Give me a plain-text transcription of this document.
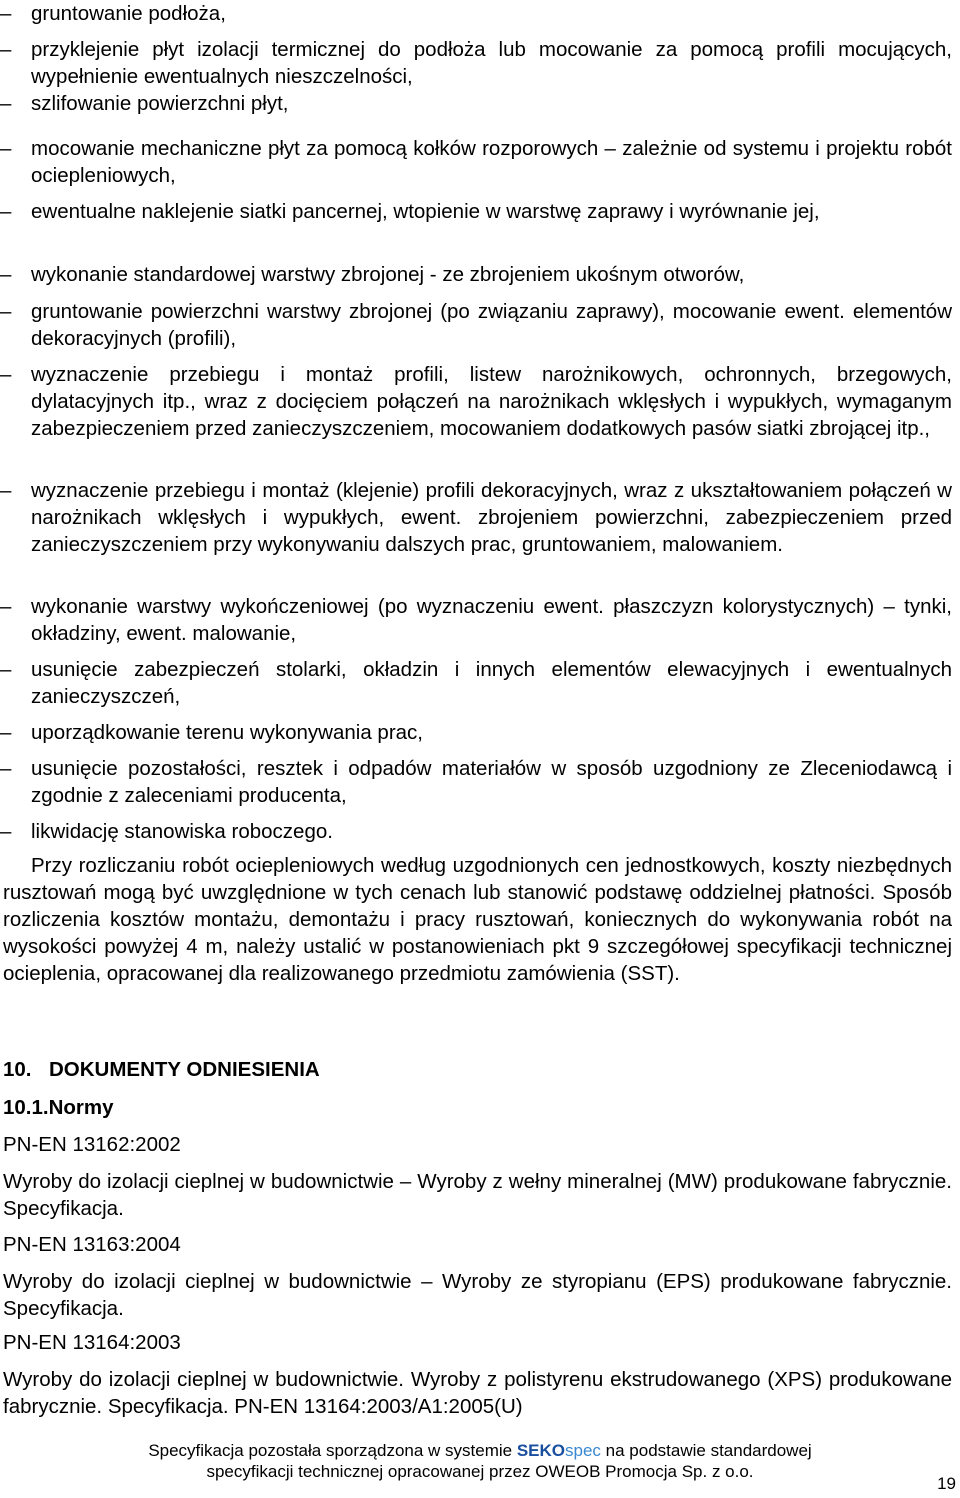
– gruntowanie podłoża,
– przyklejenie płyt izolacji termicznej do podłoża lub mocowanie za pomocą profili mocujących, wypełnienie ewentualnych nieszczelności,
– szlifowanie powierzchni płyt,
– mocowanie mechaniczne płyt za pomocą kołków rozporowych – zależnie od systemu i projektu robót ociepleniowych,
– ewentualne naklejenie siatki pancernej, wtopienie w warstwę zaprawy i wyrównanie jej,
– wykonanie standardowej warstwy zbrojonej - ze zbrojeniem ukośnym otworów,
– gruntowanie powierzchni warstwy zbrojonej (po związaniu zaprawy), mocowanie ewent. elementów dekoracyjnych (profili),
– wyznaczenie przebiegu i montaż profili, listew narożnikowych, ochronnych, brzegowych, dylatacyjnych itp., wraz z docięciem połączeń na narożnikach wklęsłych i wypukłych, wymaganym zabezpieczeniem przed zanieczyszczeniem, mocowaniem dodatkowych pasów siatki zbrojącej itp.,
– wyznaczenie przebiegu i montaż (klejenie) profili dekoracyjnych, wraz z ukształtowaniem połączeń w narożnikach wklęsłych i wypukłych, ewent. zbrojeniem powierzchni, zabezpieczeniem przed zanieczyszczeniem przy wykonywaniu dalszych prac, gruntowaniem, malowaniem.
– wykonanie warstwy wykończeniowej (po wyznaczeniu ewent. płaszczyzn kolorystycznych) – tynki, okładziny, ewent. malowanie,
– usunięcie zabezpieczeń stolarki, okładzin i innych elementów elewacyjnych i ewentualnych zanieczyszczeń,
– uporządkowanie terenu wykonywania prac,
– usunięcie pozostałości, resztek i odpadów materiałów w sposób uzgodniony ze Zleceniodawcą i zgodnie z zaleceniami producenta,
– likwidację stanowiska roboczego.
Przy rozliczaniu robót ociepleniowych według uzgodnionych cen jednostkowych, koszty niezbędnych rusztowań mogą być uwzględnione w tych cenach lub stanowić podstawę oddzielnej płatności. Sposób rozliczenia kosztów montażu, demontażu i pracy rusztowań, koniecznych do wykonywania robót na wysokości powyżej 4 m, należy ustalić w postanowieniach pkt 9 szczegółowej specyfikacji technicznej ocieplenia, opracowanej dla realizowanego przedmiotu zamówienia (SST).
10. DOKUMENTY ODNIESIENIA
10.1.Normy
PN-EN 13162:2002
Wyroby do izolacji cieplnej w budownictwie – Wyroby z wełny mineralnej (MW) produkowane fabrycznie. Specyfikacja.
PN-EN 13163:2004
Wyroby do izolacji cieplnej w budownictwie – Wyroby ze styropianu (EPS) produkowane fabrycznie. Specyfikacja.
PN-EN 13164:2003
Wyroby do izolacji cieplnej w budownictwie. Wyroby z polistyrenu ekstrudowanego (XPS) produkowane fabrycznie. Specyfikacja. PN-EN 13164:2003/A1:2005(U)
Specyfikacja pozostała sporządzona w systemie SEKOspec na podstawie standardowej
specyfikacji technicznej opracowanej przez OWEOB Promocja Sp. z o.o.
19
